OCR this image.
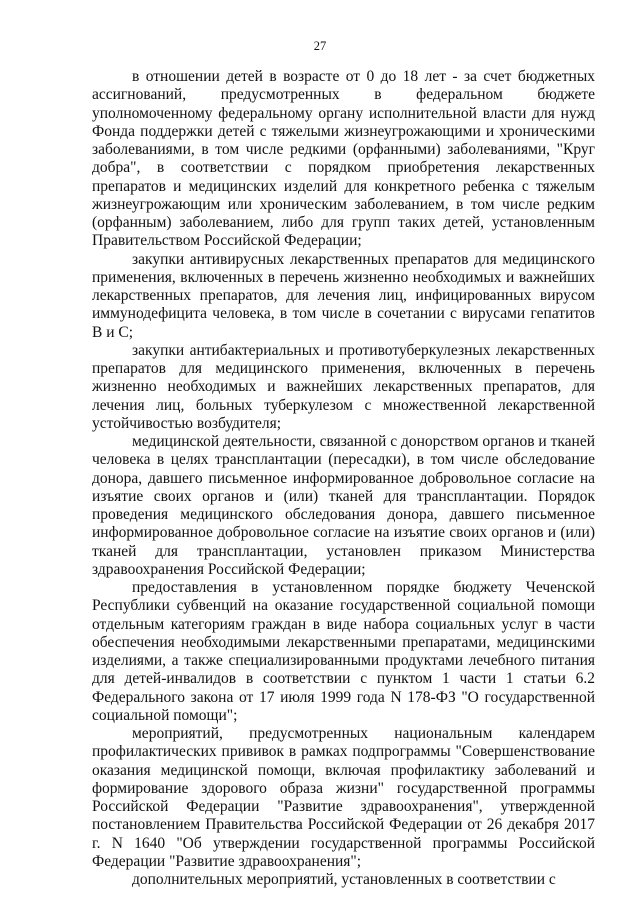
27

в отношении детей в возрасте от 0 до 18 лет - за счет бюджетных ассигнований, предусмотренных в федеральном бюджете уполномоченному федеральному органу исполнительной власти для нужд Фонда поддержки детей с тяжелыми жизнеугрожающими и хроническими заболеваниями, в том числе редкими (орфанными) заболеваниями, "Круг добра", в соответствии с порядком приобретения лекарственных препаратов и медицинских изделий для конкретного ребенка с тяжелым жизнеугрожающим или хроническим заболеванием, в том числе редким (орфанным) заболеванием, либо для групп таких детей, установленным Правительством Российской Федерации;

закупки антивирусных лекарственных препаратов для медицинского применения, включенных в перечень жизненно необходимых и важнейших лекарственных препаратов, для лечения лиц, инфицированных вирусом иммунодефицита человека, в том числе в сочетании с вирусами гепатитов B и C;

закупки антибактериальных и противотуберкулезных лекарственных препаратов для медицинского применения, включенных в перечень жизненно необходимых и важнейших лекарственных препаратов, для лечения лиц, больных туберкулезом с множественной лекарственной устойчивостью возбудителя;

медицинской деятельности, связанной с донорством органов и тканей человека в целях трансплантации (пересадки), в том числе обследование донора, давшего письменное информированное добровольное согласие на изъятие своих органов и (или) тканей для трансплантации. Порядок проведения медицинского обследования донора, давшего письменное информированное добровольное согласие на изъятие своих органов и (или) тканей для трансплантации, установлен приказом Министерства здравоохранения Российской Федерации;

предоставления в установленном порядке бюджету Чеченской Республики субвенций на оказание государственной социальной помощи отдельным категориям граждан в виде набора социальных услуг в части обеспечения необходимыми лекарственными препаратами, медицинскими изделиями, а также специализированными продуктами лечебного питания для детей-инвалидов в соответствии с пунктом 1 части 1 статьи 6.2 Федерального закона от 17 июля 1999 года N 178-ФЗ "О государственной социальной помощи";

мероприятий, предусмотренных национальным календарем профилактических прививок в рамках подпрограммы "Совершенствование оказания медицинской помощи, включая профилактику заболеваний и формирование здорового образа жизни" государственной программы Российской Федерации "Развитие здравоохранения", утвержденной постановлением Правительства Российской Федерации от 26 декабря 2017 г. N 1640 "Об утверждении государственной программы Российской Федерации "Развитие здравоохранения";

дополнительных мероприятий, установленных в соответствии с
